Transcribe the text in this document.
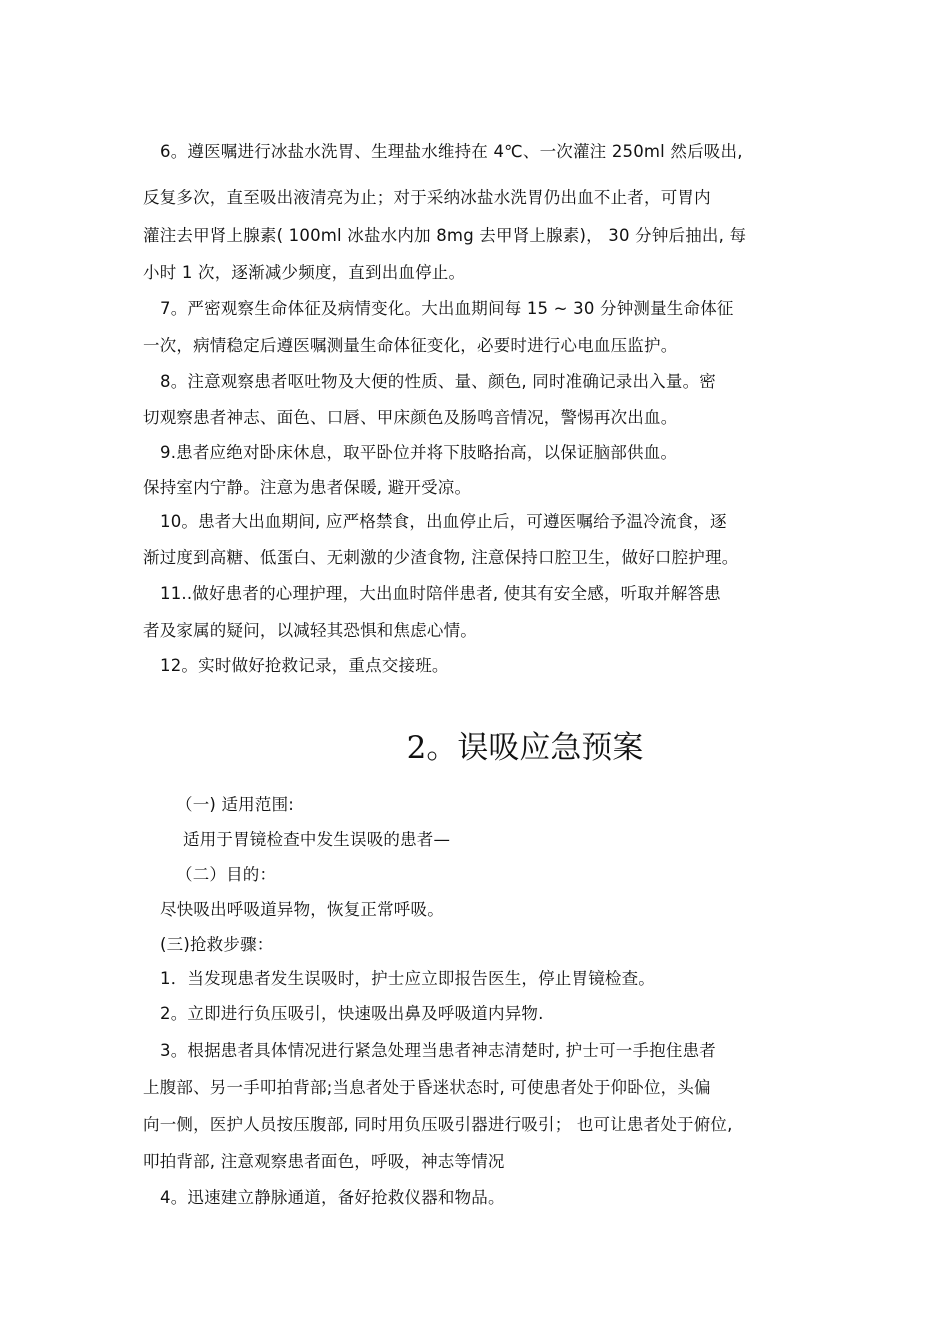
6。遵医嘱进行冰盐水洗胃、生理盐水维持在 4℃、一次灌注 250ml 然后吸出,
反复多次，直至吸出液清亮为止；对于采纳冰盐水洗胃仍出血不止者，可胃内
灌注去甲肾上腺素( 100ml 冰盐水内加 8mg 去甲肾上腺素)， 30 分钟后抽出, 每
小时 1 次，逐渐减少频度，直到出血停止。
7。严密观察生命体征及病情变化。大出血期间每 15 ~ 30 分钟测量生命体征
一次，病情稳定后遵医嘱测量生命体征变化，必要时进行心电血压监护。
8。注意观察患者呕吐物及大便的性质、量、颜色, 同时准确记录出入量。密
切观察患者神志、面色、口唇、甲床颜色及肠鸣音情况，警惕再次出血。
9.患者应绝对卧床休息，取平卧位并将下肢略抬高，以保证脑部供血。
保持室内宁静。注意为患者保暖, 避开受凉。
10。患者大出血期间, 应严格禁食，出血停止后，可遵医嘱给予温冷流食，逐
渐过度到高糖、低蛋白、无刺激的少渣食物, 注意保持口腔卫生，做好口腔护理。
11..做好患者的心理护理，大出血时陪伴患者, 使其有安全感，听取并解答患
者及家属的疑问，以减轻其恐惧和焦虑心情。
12。实时做好抢救记录，重点交接班。
2。误吸应急预案
（一) 适用范围:
适用于胃镜检查中发生误吸的患者—
（二）目的：
尽快吸出呼吸道异物，恢复正常呼吸。
(三)抢救步骤：
1．当发现患者发生误吸时，护士应立即报告医生，停止胃镜检查。
2。立即进行负压吸引，快速吸出鼻及呼吸道内异物.
3。根据患者具体情况进行紧急处理当患者神志清楚时, 护士可一手抱住患者
上腹部、另一手叩拍背部;当息者处于昏迷状态时, 可使患者处于仰卧位，头偏
向一侧，医护人员按压腹部, 同时用负压吸引器进行吸引； 也可让患者处于俯位,
叩拍背部, 注意观察患者面色，呼吸，神志等情况
4。迅速建立静脉通道，备好抢救仪器和物品。
